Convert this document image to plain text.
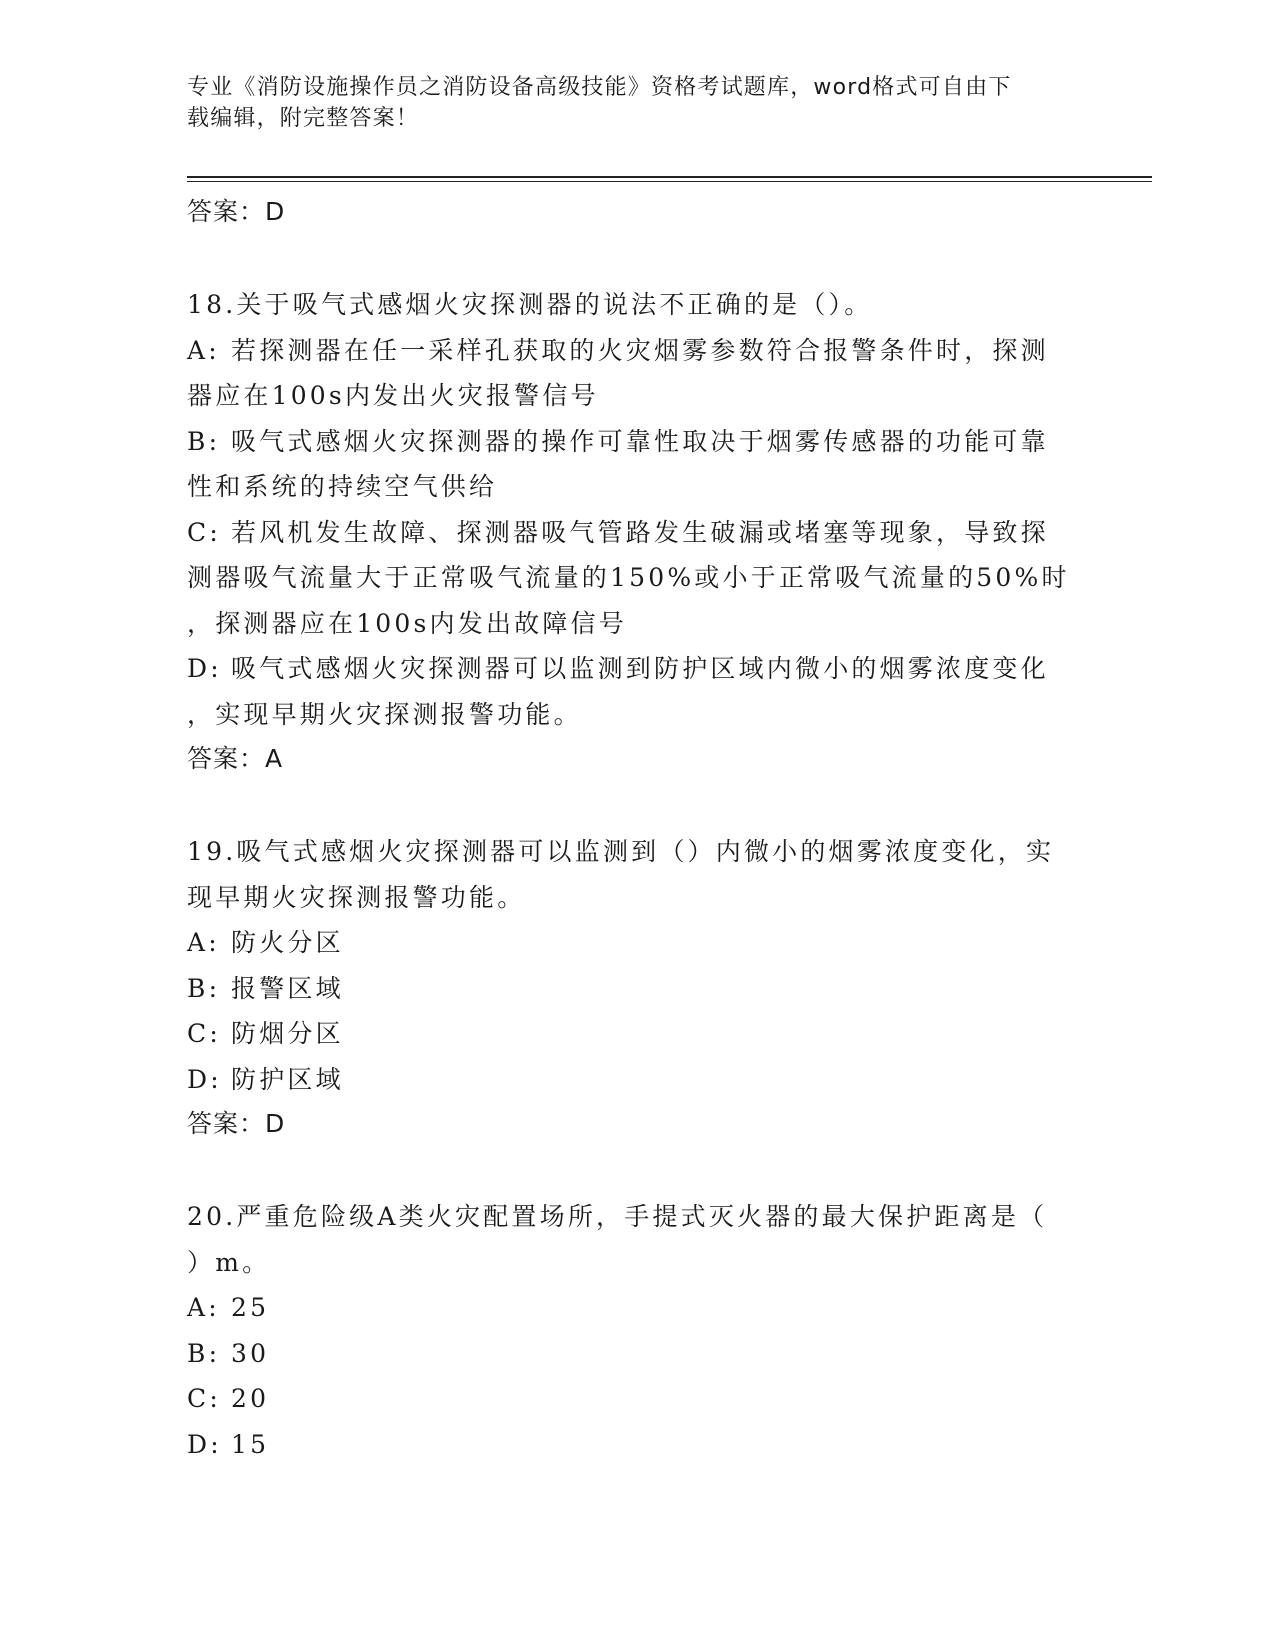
专业《消防设施操作员之消防设备高级技能》资格考试题库，word格式可自由下
载编辑，附完整答案！
答案：D
18.关于吸气式感烟火灾探测器的说法不正确的是（）。
A: 若探测器在任一采样孔获取的火灾烟雾参数符合报警条件时，探测
器应在100s内发出火灾报警信号
B: 吸气式感烟火灾探测器的操作可靠性取决于烟雾传感器的功能可靠
性和系统的持续空气供给
C: 若风机发生故障、探测器吸气管路发生破漏或堵塞等现象，导致探
测器吸气流量大于正常吸气流量的150%或小于正常吸气流量的50%时
，探测器应在100s内发出故障信号
D: 吸气式感烟火灾探测器可以监测到防护区域内微小的烟雾浓度变化
，实现早期火灾探测报警功能。
答案：A
19.吸气式感烟火灾探测器可以监测到（）内微小的烟雾浓度变化，实
现早期火灾探测报警功能。
A: 防火分区
B: 报警区域
C: 防烟分区
D: 防护区域
答案：D
20.严重危险级A类火灾配置场所，手提式灭火器的最大保护距离是（
）m。
A: 25
B: 30
C: 20
D: 15
